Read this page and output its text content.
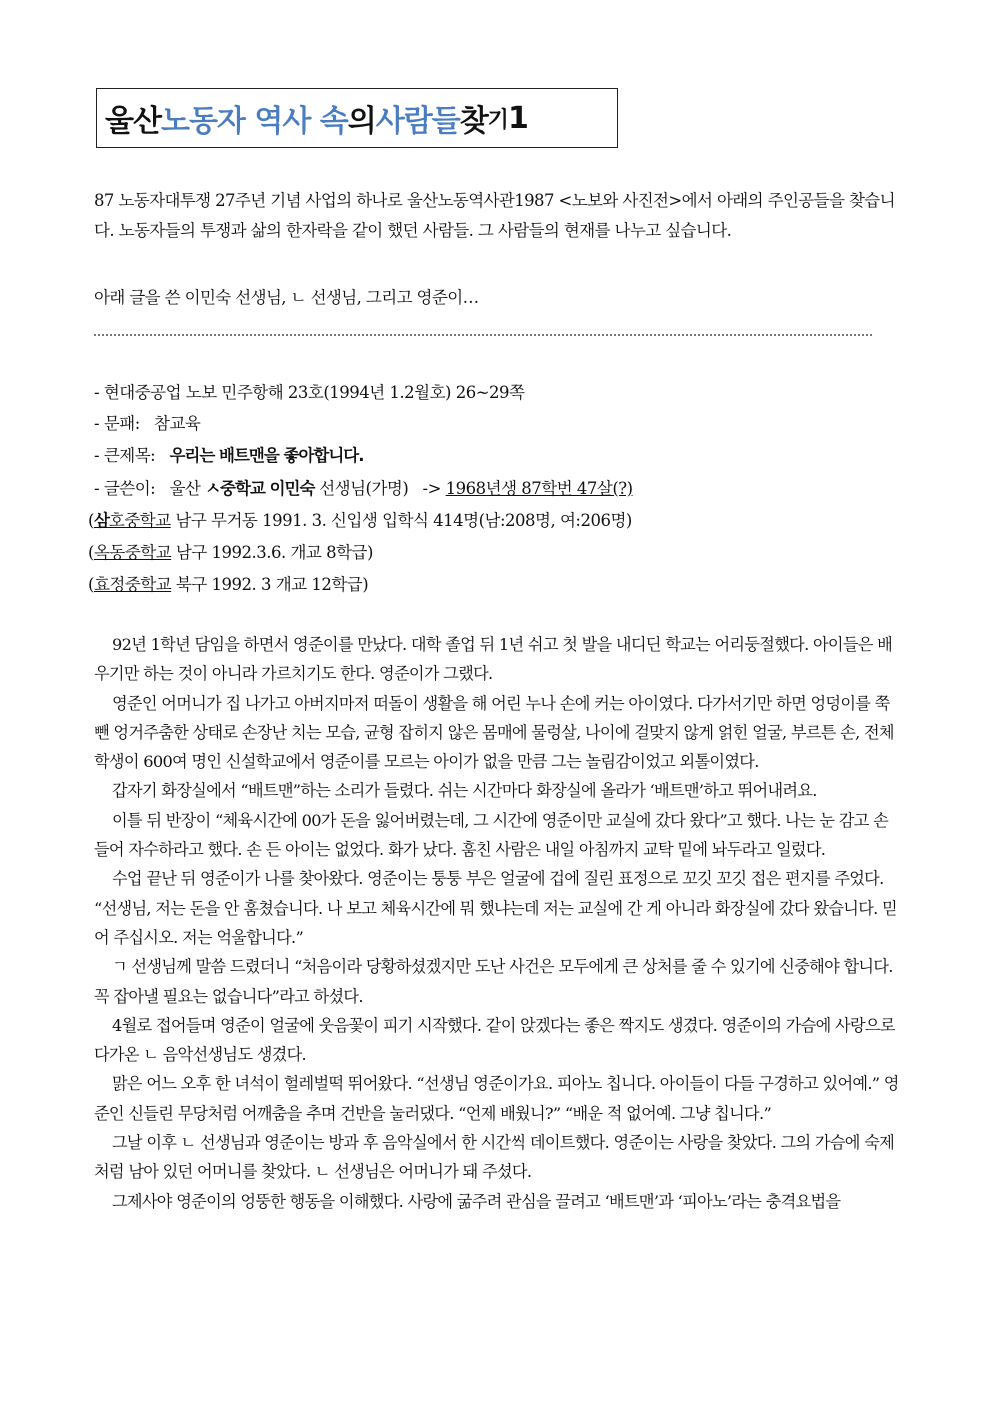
울산 노동자 역사 속 의 사람들 찾 기 1
87 노동자대투쟁 27주년 기념 사업의 하나로 울산노동역사관1987 <노보와 사진전>에서 아래의 주인공들을 찾습니다. 노동자들의 투쟁과 삶의 한자락을 같이 했던 사람들. 그 사람들의 현재를 나누고 싶습니다.
아래 글을 쓴 이민숙 선생님, ㄴ 선생님, 그리고 영준이…
- 현대중공업 노보 민주항해 23호(1994년 1.2월호) 26~29쪽
- 문패: 참교육
- 큰제목: 우리는 배트맨을 좋아합니다.
- 글쓴이: 울산 ㅅ중학교 이민숙 선생님(가명) -> 1968년생 87학번 47살(?)
(삼호중학교 남구 무거동 1991. 3. 신입생 입학식 414명(남:208명, 여:206명)
(옥동중학교 남구 1992.3.6. 개교 8학급)
(효정중학교 북구 1992. 3 개교 12학급)

92년 1학년 담임을 하면서 영준이를 만났다. 대학 졸업 뒤 1년 쉬고 첫 발을 내디딘 학교는 어리둥절했다. 아이들은 배우기만 하는 것이 아니라 가르치기도 한다. 영준이가 그랬다.

영준인 어머니가 집 나가고 아버지마저 떠돌이 생활을 해 어린 누나 손에 커는 아이였다. 다가서기만 하면 엉덩이를 쭉 뺀 엉거주춤한 상태로 손장난 치는 모습, 균형 잡히지 않은 몸매에 물렁살, 나이에 걸맞지 않게 얽힌 얼굴, 부르튼 손, 전체 학생이 600여 명인 신설학교에서 영준이를 모르는 아이가 없을 만큼 그는 놀림감이었고 외톨이였다.

갑자기 화장실에서 “배트맨”하는 소리가 들렸다. 쉬는 시간마다 화장실에 올라가 ‘배트맨’하고 뛰어내려요.

이틀 뒤 반장이 “체육시간에 00가 돈을 잃어버렸는데, 그 시간에 영준이만 교실에 갔다 왔다”고 했다. 나는 눈 감고 손들어 자수하라고 했다. 손 든 아이는 없었다. 화가 났다. 훔친 사람은 내일 아침까지 교탁 밑에 놔두라고 일렀다.

수업 끝난 뒤 영준이가 나를 찾아왔다. 영준이는 퉁퉁 부은 얼굴에 겁에 질린 표정으로 꼬깃 꼬깃 접은 편지를 주었다. “선생님, 저는 돈을 안 훔쳤습니다. 나 보고 체육시간에 뭐 했냐는데 저는 교실에 간 게 아니라 화장실에 갔다 왔습니다. 믿어 주십시오. 저는 억울합니다.”

ㄱ 선생님께 말씀 드렸더니 “처음이라 당황하셨겠지만 도난 사건은 모두에게 큰 상처를 줄 수 있기에 신중해야 합니다. 꼭 잡아낼 필요는 없습니다”라고 하셨다.

4월로 접어들며 영준이 얼굴에 웃음꽃이 피기 시작했다. 같이 앉겠다는 좋은 짝지도 생겼다. 영준이의 가슴에 사랑으로 다가온 ㄴ 음악선생님도 생겼다.

맑은 어느 오후 한 녀석이 헐레벌떡 뛰어왔다. “선생님 영준이가요. 피아노 칩니다. 아이들이 다들 구경하고 있어예.” 영준인 신들린 무당처럼 어깨춤을 추며 건반을 눌러댔다. “언제 배웠니?” “배운 적 없어예. 그냥 칩니다.”

그날 이후 ㄴ 선생님과 영준이는 방과 후 음악실에서 한 시간씩 데이트했다. 영준이는 사랑을 찾았다. 그의 가슴에 숙제처럼 남아 있던 어머니를 찾았다. ㄴ 선생님은 어머니가 돼 주셨다.

그제사야 영준이의 엉뚱한 행동을 이해했다. 사랑에 굶주려 관심을 끌려고 ‘배트맨’과 ‘피아노’라는 충격요법을
